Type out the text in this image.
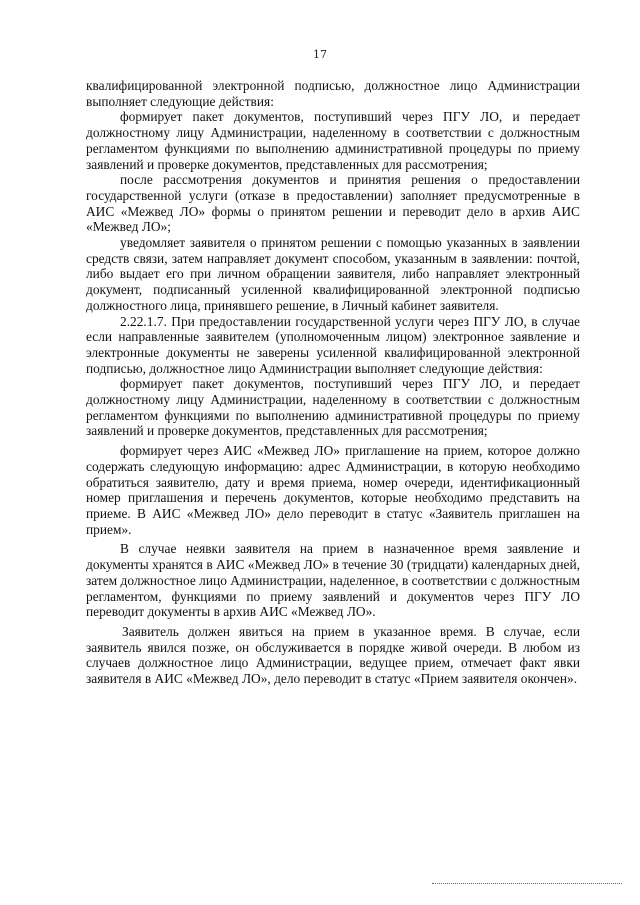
17

квалифицированной электронной подписью, должностное лицо Администрации выполняет следующие действия:

формирует пакет документов, поступивший через ПГУ ЛО, и передает должностному лицу Администрации, наделенному в соответствии с должностным регламентом функциями по выполнению административной процедуры по приему заявлений и проверке документов, представленных для рассмотрения;

после рассмотрения документов и принятия решения о предоставлении государственной услуги (отказе в предоставлении) заполняет предусмотренные в АИС «Межвед ЛО» формы о принятом решении и переводит дело в архив АИС «Межвед ЛО»;

уведомляет заявителя о принятом решении с помощью указанных в заявлении средств связи, затем направляет документ способом, указанным в заявлении: почтой, либо выдает его при личном обращении заявителя, либо направляет электронный документ, подписанный усиленной квалифицированной электронной подписью должностного лица, принявшего решение, в Личный кабинет заявителя.

2.22.1.7. При предоставлении государственной услуги через ПГУ ЛО, в случае если направленные заявителем (уполномоченным лицом) электронное заявление и электронные документы не заверены усиленной квалифицированной электронной подписью, должностное лицо Администрации выполняет следующие действия:

формирует пакет документов, поступивший через ПГУ ЛО, и передает должностному лицу Администрации, наделенному в соответствии с должностным регламентом функциями по выполнению административной процедуры по приему заявлений и проверке документов, представленных для рассмотрения;

формирует через АИС «Межвед ЛО» приглашение на прием, которое должно содержать следующую информацию: адрес Администрации, в которую необходимо обратиться заявителю, дату и время приема, номер очереди, идентификационный номер приглашения и перечень документов, которые необходимо представить на приеме. В АИС «Межвед ЛО» дело переводит в статус «Заявитель приглашен на прием».

В случае неявки заявителя на прием в назначенное время заявление и документы хранятся в АИС «Межвед ЛО» в течение 30 (тридцати) календарных дней, затем должностное лицо Администрации, наделенное, в соответствии с должностным регламентом, функциями по приему заявлений и документов через ПГУ ЛО переводит документы в архив АИС «Межвед ЛО».

Заявитель должен явиться на прием в указанное время. В случае, если заявитель явился позже, он обслуживается в порядке живой очереди. В любом из случаев должностное лицо Администрации, ведущее прием, отмечает факт явки заявителя в АИС «Межвед ЛО», дело переводит в статус «Прием заявителя окончен».
